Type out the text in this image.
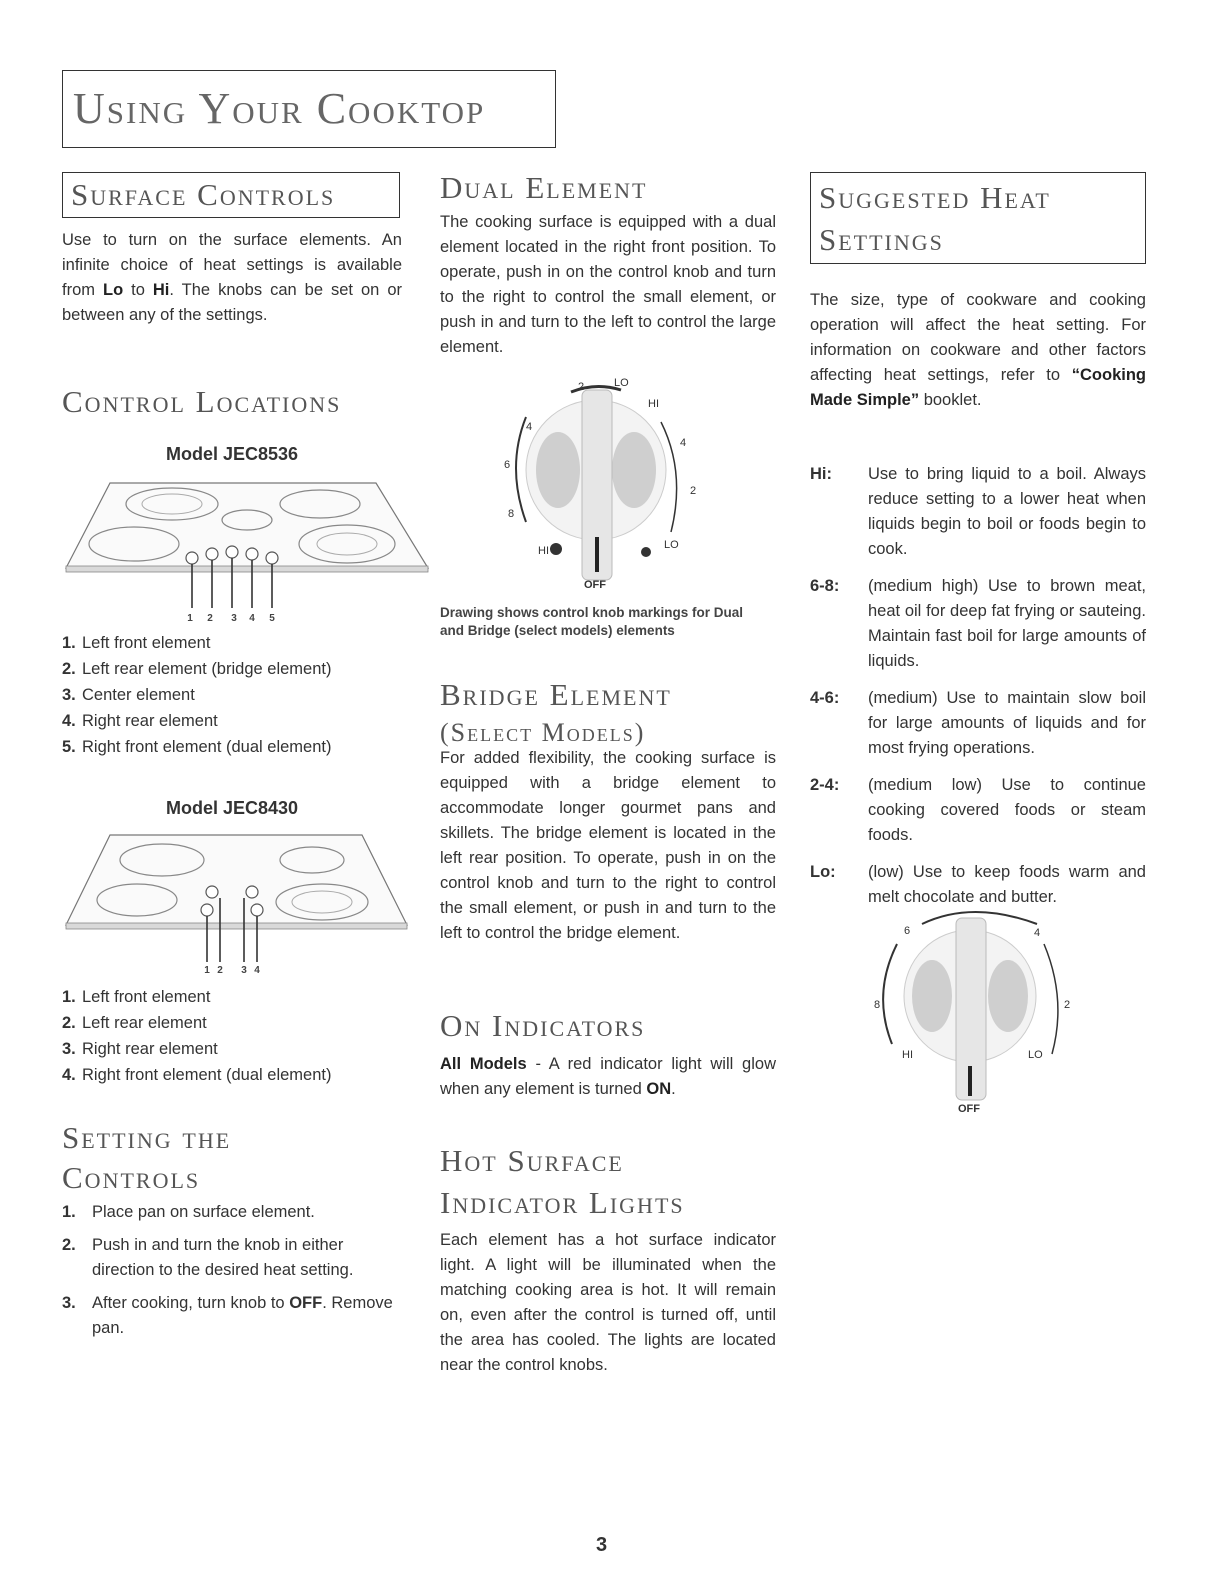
Using Your Cooktop
Surface Controls

Use to turn on the surface elements. An infinite choice of heat settings is available from Lo to Hi. The knobs can be set on or between any of the settings.

Control Locations
Model JEC8536
1 2 3 4 5
1. Left front element
2. Left rear element (bridge element)
3. Center element
4. Right rear element
5. Right front element (dual element)
Model JEC8430
1 2 3 4
1. Left front element
2. Left rear element
3. Right rear element
4. Right front element (dual element)
Setting the
Controls
1. Place pan on surface element.
2. Push in and turn the knob in either direction to the desired heat setting.
3. After cooking, turn knob to OFF. Remove pan.
Dual Element

The cooking surface is equipped with a dual element located in the right front position. To operate, push in on the control knob and turn to the right to control the small element, or push in and turn to the left to control the large element.

LO
HI
2
4
6
8
4
2
HI	LO
OFF
Drawing shows control knob markings for Dual and Bridge (select models) elements
Bridge Element
(Select Models)

For added flexibility, the cooking surface is equipped with a bridge element to accommodate longer gourmet pans and skillets. The bridge element is located in the left rear position. To operate, push in on the control knob and turn to the right to control the small element, or push in and turn to the left to control the bridge element.

On Indicators

All Models - A red indicator light will glow when any element is turned ON.

Hot Surface
Indicator Lights

Each element has a hot surface indicator light. A light will be illuminated when the matching cooking area is hot. It will remain on, even after the control is turned off, until the area has cooled. The lights are located near the control knobs.

Suggested Heat
Settings

The size, type of cookware and cooking operation will affect the heat setting. For information on cookware and other factors affecting heat settings, refer to “Cooking Made Simple” booklet.

Hi:	Use to bring liquid to a boil. Always reduce setting to a lower heat when liquids begin to boil or foods begin to cook.
6-8:	(medium high) Use to brown meat, heat oil for deep fat frying or sauteing. Maintain fast boil for large amounts of liquids.
4-6:	(medium) Use to maintain slow boil for large amounts of liquids and for most frying operations.
2-4:	(medium low) Use to continue cooking covered foods or steam foods.
Lo:	(low) Use to keep foods warm and melt chocolate and butter.
6	4
8	2
HI	LO
OFF
3
